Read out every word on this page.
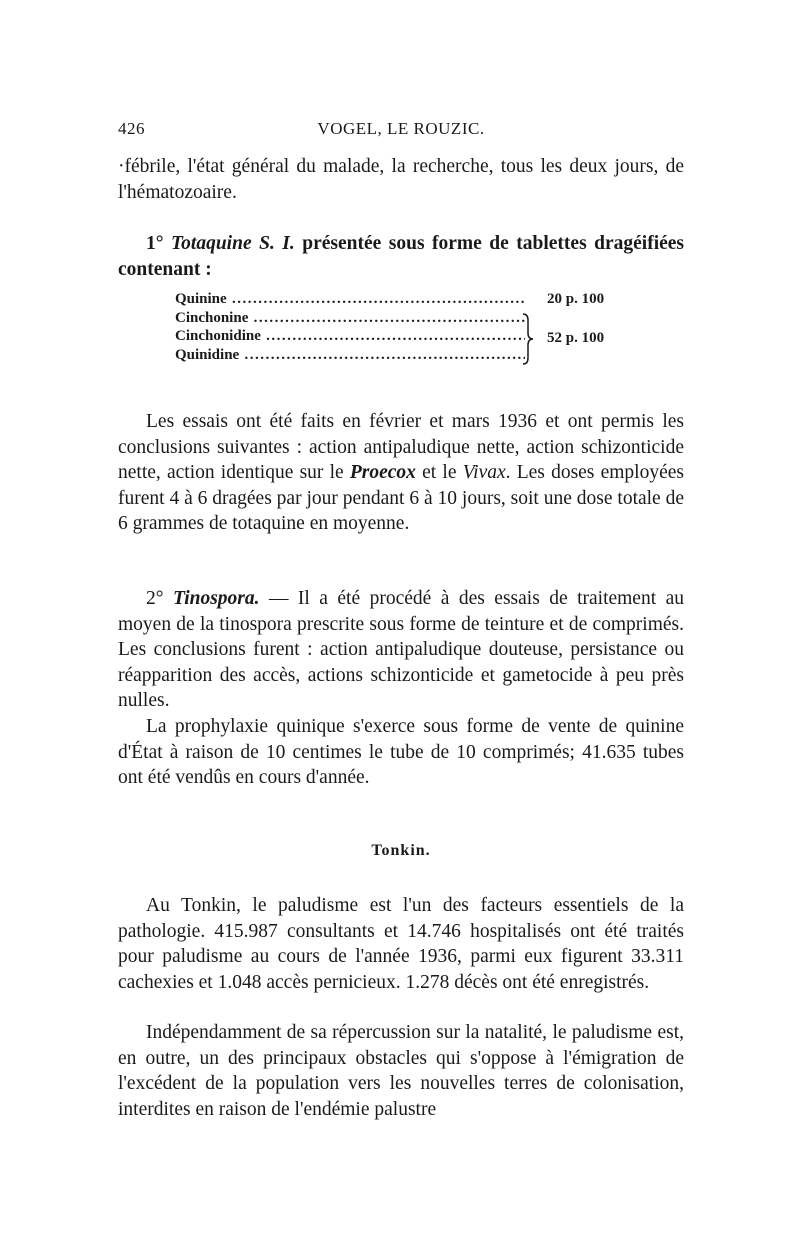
426	VOGEL, LE ROUZIC.

·fébrile, l'état général du malade, la recherche, tous les deux jours, de l'hématozoaire.

1° Totaquine S. I. présentée sous forme de tablettes dragéifiées contenant :

Quinine .....	20 p. 100
Cinchonine .....
Cinchonidine .....
Quinidine .....
52 p. 100

Les essais ont été faits en février et mars 1936 et ont permis les conclusions suivantes : action antipaludique nette, action schizonticide nette, action identique sur le Proecox et le Vivax. Les doses employées furent 4 à 6 dragées par jour pendant 6 à 10 jours, soit une dose totale de 6 grammes de totaquine en moyenne.

2° Tinospora. — Il a été procédé à des essais de traitement au moyen de la tinospora prescrite sous forme de teinture et de comprimés. Les conclusions furent : action antipaludique douteuse, persistance ou réapparition des accès, actions schizonticide et gametocide à peu près nulles.

La prophylaxie quinique s'exerce sous forme de vente de quinine d'État à raison de 10 centimes le tube de 10 comprimés; 41.635 tubes ont été vendûs en cours d'année.

Tonkin.

Au Tonkin, le paludisme est l'un des facteurs essentiels de la pathologie. 415.987 consultants et 14.746 hospitalisés ont été traités pour paludisme au cours de l'année 1936, parmi eux figurent 33.311 cachexies et 1.048 accès pernicieux. 1.278 décès ont été enregistrés.

Indépendamment de sa répercussion sur la natalité, le paludisme est, en outre, un des principaux obstacles qui s'oppose à l'émigration de l'excédent de la population vers les nouvelles terres de colonisation, interdites en raison de l'endémie palustre
